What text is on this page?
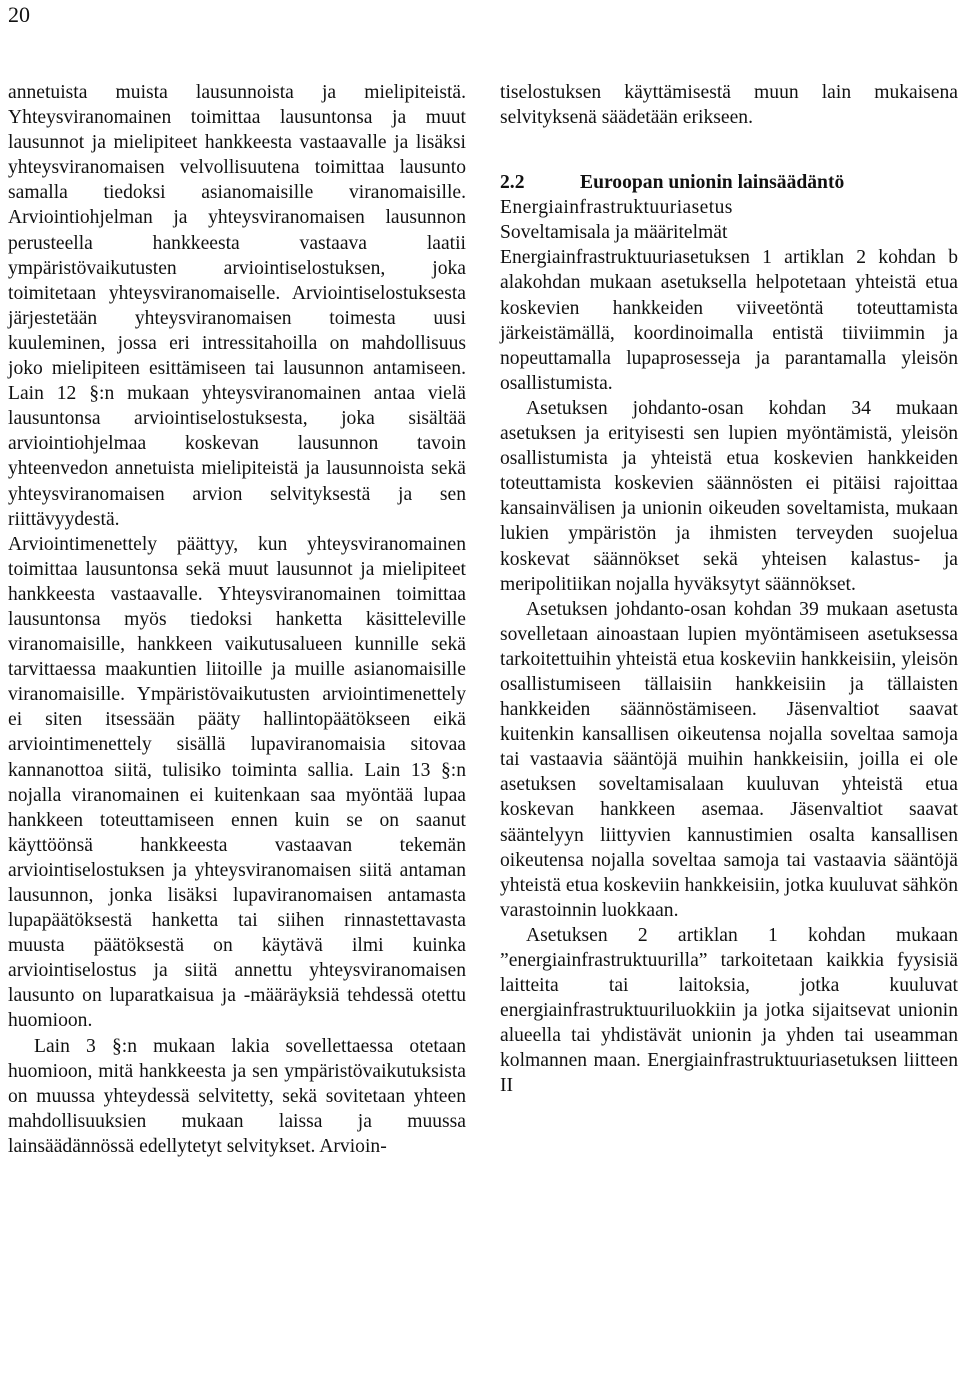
20

annetuista muista lausunnoista ja mielipiteistä. Yhteysviranomainen toimittaa lausuntonsa ja muut lausunnot ja mielipiteet hankkeesta vastaavalle ja lisäksi yhteysviranomaisen velvollisuutena toimittaa lausunto samalla tiedoksi asianomaisille viranomaisille. Arviointiohjelman ja yhteysviranomaisen lausunnon perusteella hankkeesta vastaava laatii ympäristövaikutusten arviointiselostuksen, joka toimitetaan yhteysviranomaiselle. Arviointiselostuksesta järjestetään yhteysviranomaisen toimesta uusi kuuleminen, jossa eri intressitahoilla on mahdollisuus joko mielipiteen esittämiseen tai lausunnon antamiseen. Lain 12 §:n mukaan yhteysviranomainen antaa vielä lausuntonsa arviointiselostuksesta, joka sisältää arviointiohjelmaa koskevan lausunnon tavoin yhteenvedon annetuista mielipiteistä ja lausunnoista sekä yhteysviranomaisen arvion selvityksestä ja sen riittävyydestä.

Arviointimenettely päättyy, kun yhteysviranomainen toimittaa lausuntonsa sekä muut lausunnot ja mielipiteet hankkeesta vastaavalle. Yhteysviranomainen toimittaa lausuntonsa myös tiedoksi hanketta käsitteleville viranomaisille, hankkeen vaikutusalueen kunnille sekä tarvittaessa maakuntien liitoille ja muille asianomaisille viranomaisille. Ympäristövaikutusten arviointimenettely ei siten itsessään pääty hallintopäätökseen eikä arviointimenettely sisällä lupaviranomaisia sitovaa kannanottoa siitä, tulisiko toiminta sallia. Lain 13 §:n nojalla viranomainen ei kuitenkaan saa myöntää lupaa hankkeen toteuttamiseen ennen kuin se on saanut käyttöönsä hankkeesta vastaavan tekemän arviointiselostuksen ja yhteysviranomaisen siitä antaman lausunnon, jonka lisäksi lupaviranomaisen antamasta lupapäätöksestä hanketta tai siihen rinnastettavasta muusta päätöksestä on käytävä ilmi kuinka arviointiselostus ja siitä annettu yhteysviranomaisen lausunto on luparatkaisua ja -määräyksiä tehdessä otettu huomioon.

Lain 3 §:n mukaan lakia sovellettaessa otetaan huomioon, mitä hankkeesta ja sen ympäristövaikutuksista on muussa yhteydessä selvitetty, sekä sovitetaan yhteen mahdollisuuksien mukaan laissa ja muussa lainsäädännössä edellytetyt selvitykset. Arvioin-

tiselostuksen käyttämisestä muun lain mukaisena selvityksenä säädetään erikseen.

2.2	Euroopan unionin lainsäädäntö

Energiainfrastruktuuriasetus

Soveltamisala ja määritelmät

Energiainfrastruktuuriasetuksen 1 artiklan 2 kohdan b alakohdan mukaan asetuksella helpotetaan yhteistä etua koskevien hankkeiden viiveetöntä toteuttamista järkeistämällä, koordinoimalla entistä tiiviimmin ja nopeuttamalla lupaprosesseja ja parantamalla yleisön osallistumista.

Asetuksen johdanto-osan kohdan 34 mukaan asetuksen ja erityisesti sen lupien myöntämistä, yleisön osallistumista ja yhteistä etua koskevien hankkeiden toteuttamista koskevien säännösten ei pitäisi rajoittaa kansainvälisen ja unionin oikeuden soveltamista, mukaan lukien ympäristön ja ihmisten terveyden suojelua koskevat säännökset sekä yhteisen kalastus- ja meripolitiikan nojalla hyväksytyt säännökset.

Asetuksen johdanto-osan kohdan 39 mukaan asetusta sovelletaan ainoastaan lupien myöntämiseen asetuksessa tarkoitettuihin yhteistä etua koskeviin hankkeisiin, yleisön osallistumiseen tällaisiin hankkeisiin ja tällaisten hankkeiden säännöstämiseen. Jäsenvaltiot saavat kuitenkin kansallisen oikeutensa nojalla soveltaa samoja tai vastaavia sääntöjä muihin hankkeisiin, joilla ei ole asetuksen soveltamisalaan kuuluvan yhteistä etua koskevan hankkeen asemaa. Jäsenvaltiot saavat sääntelyyn liittyvien kannustimien osalta kansallisen oikeutensa nojalla soveltaa samoja tai vastaavia sääntöjä yhteistä etua koskeviin hankkeisiin, jotka kuuluvat sähkön varastoinnin luokkaan.

Asetuksen 2 artiklan 1 kohdan mukaan ”energiainfrastruktuurilla” tarkoitetaan kaikkia fyysisiä laitteita tai laitoksia, jotka kuuluvat energiainfrastruktuuriluokkiin ja jotka sijaitsevat unionin alueella tai yhdistävät unionin ja yhden tai useamman kolmannen maan. Energiainfrastruktuuriasetuksen liitteen II
